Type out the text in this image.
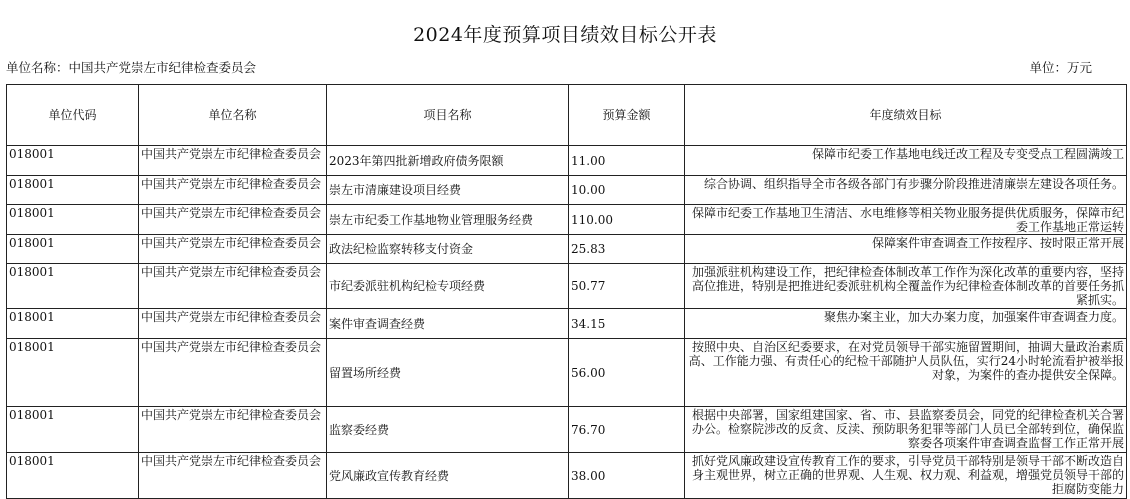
2024年度预算项目绩效目标公开表
单位名称：中国共产党崇左市纪律检查委员会	单位：万元
单位代码	单位名称	项目名称	预算金额	年度绩效目标
018001	中国共产党崇左市纪律检查委员会	2023年第四批新增政府债务限额	11.00	保障市纪委工作基地电线迁改工程及专变受点工程圆满竣工
018001	中国共产党崇左市纪律检查委员会	崇左市清廉建设项目经费	10.00	综合协调、组织指导全市各级各部门有步骤分阶段推进清廉崇左建设各项任务。
018001	中国共产党崇左市纪律检查委员会	崇左市纪委工作基地物业管理服务经费	110.00	保障市纪委工作基地卫生清洁、水电维修等相关物业服务提供优质服务，保障市纪委工作基地正常运转
018001	中国共产党崇左市纪律检查委员会	政法纪检监察转移支付资金	25.83	保障案件审查调查工作按程序、按时限正常开展
018001	中国共产党崇左市纪律检查委员会	市纪委派驻机构纪检专项经费	50.77	加强派驻机构建设工作，把纪律检查体制改革工作作为深化改革的重要内容，坚持高位推进，特别是把推进纪委派驻机构全覆盖作为纪律检查体制改革的首要任务抓紧抓实。
018001	中国共产党崇左市纪律检查委员会	案件审查调查经费	34.15	聚焦办案主业，加大办案力度，加强案件审查调查力度。
018001	中国共产党崇左市纪律检查委员会	留置场所经费	56.00	按照中央、自治区纪委要求，在对党员领导干部实施留置期间，抽调大量政治素质高、工作能力强、有责任心的纪检干部随护人员队伍，实行24小时轮流看护被举报对象，为案件的查办提供安全保障。
018001	中国共产党崇左市纪律检查委员会	监察委经费	76.70	根据中央部署，国家组建国家、省、市、县监察委员会，同党的纪律检查机关合署办公。检察院涉改的反贪、反渎、预防职务犯罪等部门人员已全部转到位，确保监察委各项案件审查调查监督工作正常开展
018001	中国共产党崇左市纪律检查委员会	党风廉政宣传教育经费	38.00	抓好党风廉政建设宣传教育工作的要求，引导党员干部特别是领导干部不断改造自身主观世界，树立正确的世界观、人生观、权力观、利益观，增强党员领导干部的拒腐防变能力
